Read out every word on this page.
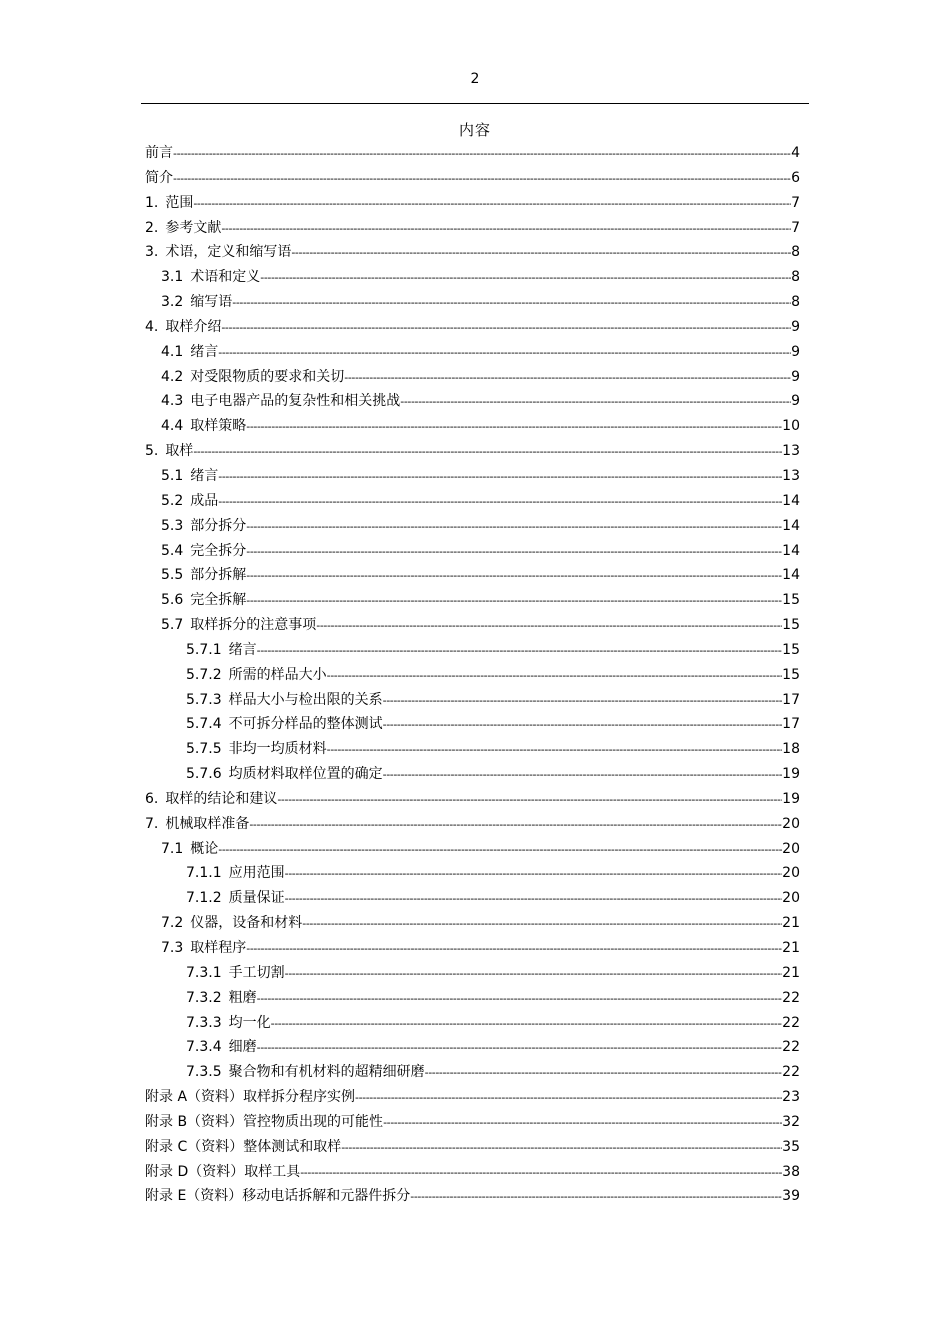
2
内容
前言 -----	4
简介 -----	6
1. 范围 -----	7
2. 参考文献 -----	7
3. 术语，定义和缩写语 -----	8
3.1 术语和定义 -----	8
3.2 缩写语 -----	8
4. 取样介绍 -----	9
4.1 绪言 -----	9
4.2 对受限物质的要求和关切 -----	9
4.3 电子电器产品的复杂性和相关挑战 -----	9
4.4 取样策略 -----	10
5. 取样 -----	13
5.1 绪言 -----	13
5.2 成品 -----	14
5.3 部分拆分 -----	14
5.4 完全拆分 -----	14
5.5 部分拆解 -----	14
5.6 完全拆解 -----	15
5.7 取样拆分的注意事项 -----	15
5.7.1 绪言 -----	15
5.7.2 所需的样品大小 -----	15
5.7.3 样品大小与检出限的关系 -----	17
5.7.4 不可拆分样品的整体测试 -----	17
5.7.5 非均一均质材料 -----	18
5.7.6 均质材料取样位置的确定 -----	19
6. 取样的结论和建议 -----	19
7. 机械取样准备 -----	20
7.1 概论 -----	20
7.1.1 应用范围 -----	20
7.1.2 质量保证 -----	20
7.2 仪器，设备和材料 -----	21
7.3 取样程序 -----	21
7.3.1 手工切割 -----	21
7.3.2 粗磨 -----	22
7.3.3 均一化 -----	22
7.3.4 细磨 -----	22
7.3.5 聚合物和有机材料的超精细研磨 -----	22
附录 A（资料）取样拆分程序实例 -----	23
附录 B（资料）管控物质出现的可能性 -----	32
附录 C（资料）整体测试和取样 -----	35
附录 D（资料）取样工具 -----	38
附录 E（资料）移动电话拆解和元器件拆分 -----	39
